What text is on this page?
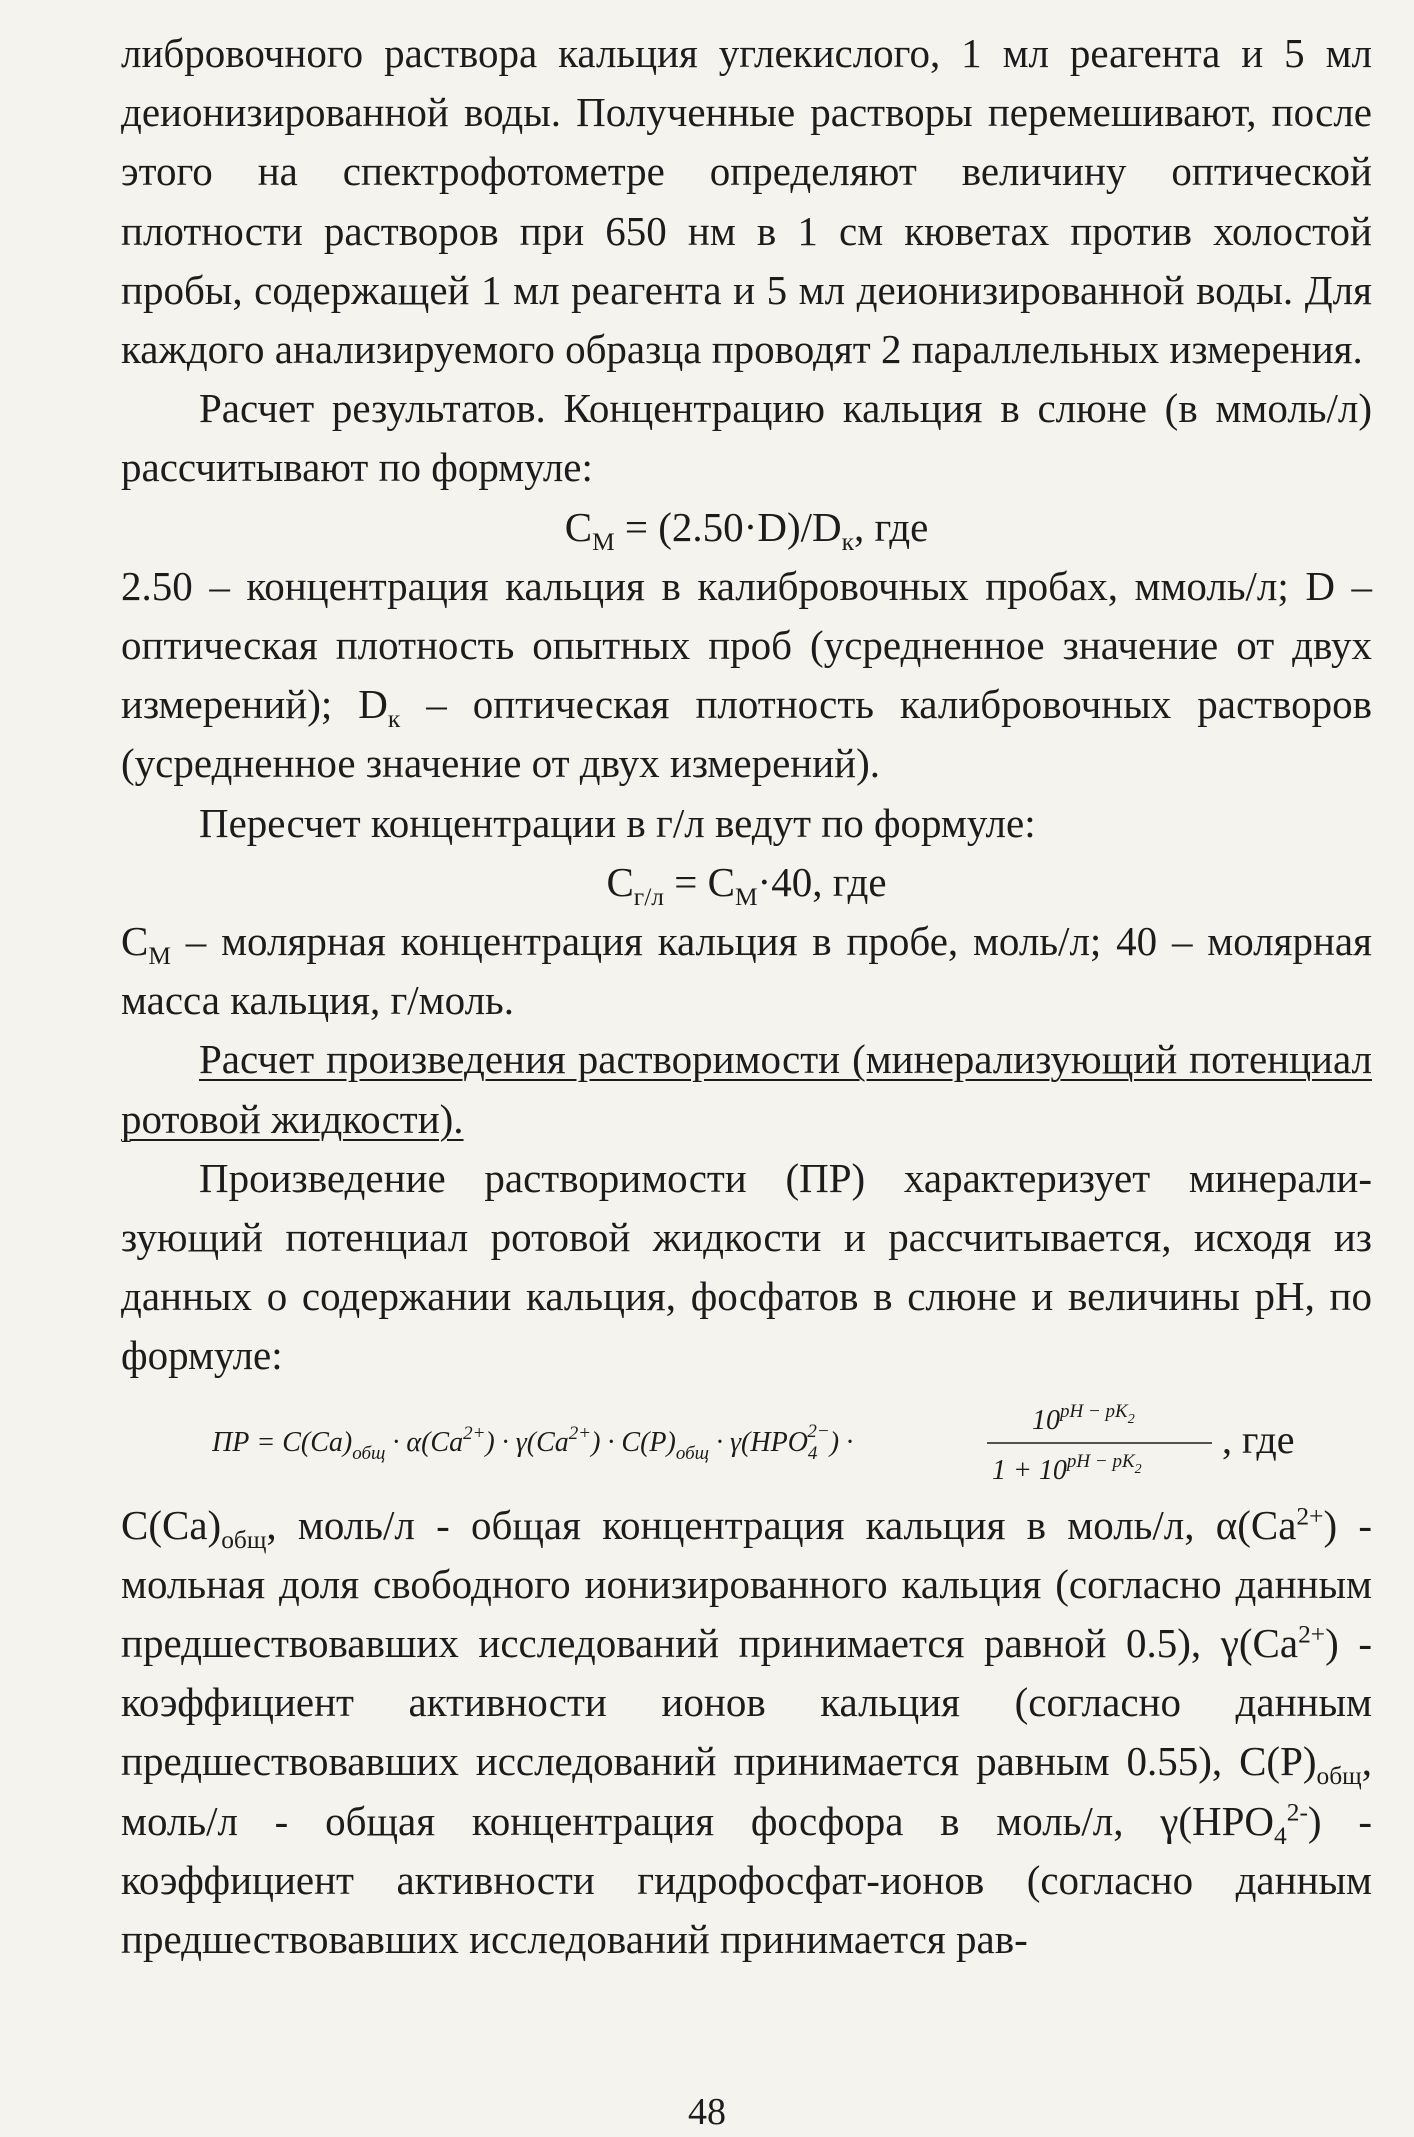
либровочного раствора кальция углекислого, 1 мл реагента и 5 мл деионизированной воды. Полученные растворы перемешивают, после этого на спектрофотометре определяют величину оптической плотности растворов при 650 нм в 1 см кюветах против холостой пробы, содержащей 1 мл реагента и 5 мл деионизированной воды. Для каждого анализируемого образца проводят 2 параллельных измерения.

Расчет результатов. Концентрацию кальция в слюне (в ммоль/л) рассчитывают по формуле:

$C_M = (2.50\cdot D)/D_к$, где

2.50 – концентрация кальция в калибровочных пробах, ммоль/л; D – оптическая плотность опытных проб (усредненное значение от двух измерений); $D_к$ – оптическая плотность калибровочных растворов (усредненное значение от двух измерений).

Пересчет концентрации в г/л ведут по формуле:

$C_{г/л} = C_M\cdot 40$, где

$C_M$ – молярная концентрация кальция в пробе, моль/л; 40 – молярная масса кальция, г/моль.

Расчет произведения растворимости (минерализующий потенциал ротовой жидкости).

Произведение растворимости (ПР) характеризует минерализующий потенциал ротовой жидкости и рассчитывается, исходя из данных о содержании кальция, фосфатов в слюне и величины pH, по формуле:

ПР = $C(Ca)_{общ} \cdot \alpha(Ca^{2+}) \cdot \gamma(Ca^{2+}) \cdot C(P)_{общ} \cdot \gamma(HPO_42-)$ ·
$10^{pH - pK}_2$
$1 + 10^{pH - pK}_2$
, где

$C(Ca)_{общ}$, моль/л - общая концентрация кальция в моль/л, $\alpha(Ca^{2+})$ - мольная доля свободного ионизированного кальция (согласно данным предшествовавших исследований принимается равной 0.5), $\gamma(Ca^{2+})$ - коэффициент активности ионов кальция (согласно данным предшествовавших исследований принимается равным 0.55), $C(P)_{общ}$, моль/л - общая концентрация фосфора в моль/л, $\gamma(HPO_4^{2-})$ - коэффициент активности гидрофосфат-ионов (согласно данным предшествовавших исследований принимается рав-

48
